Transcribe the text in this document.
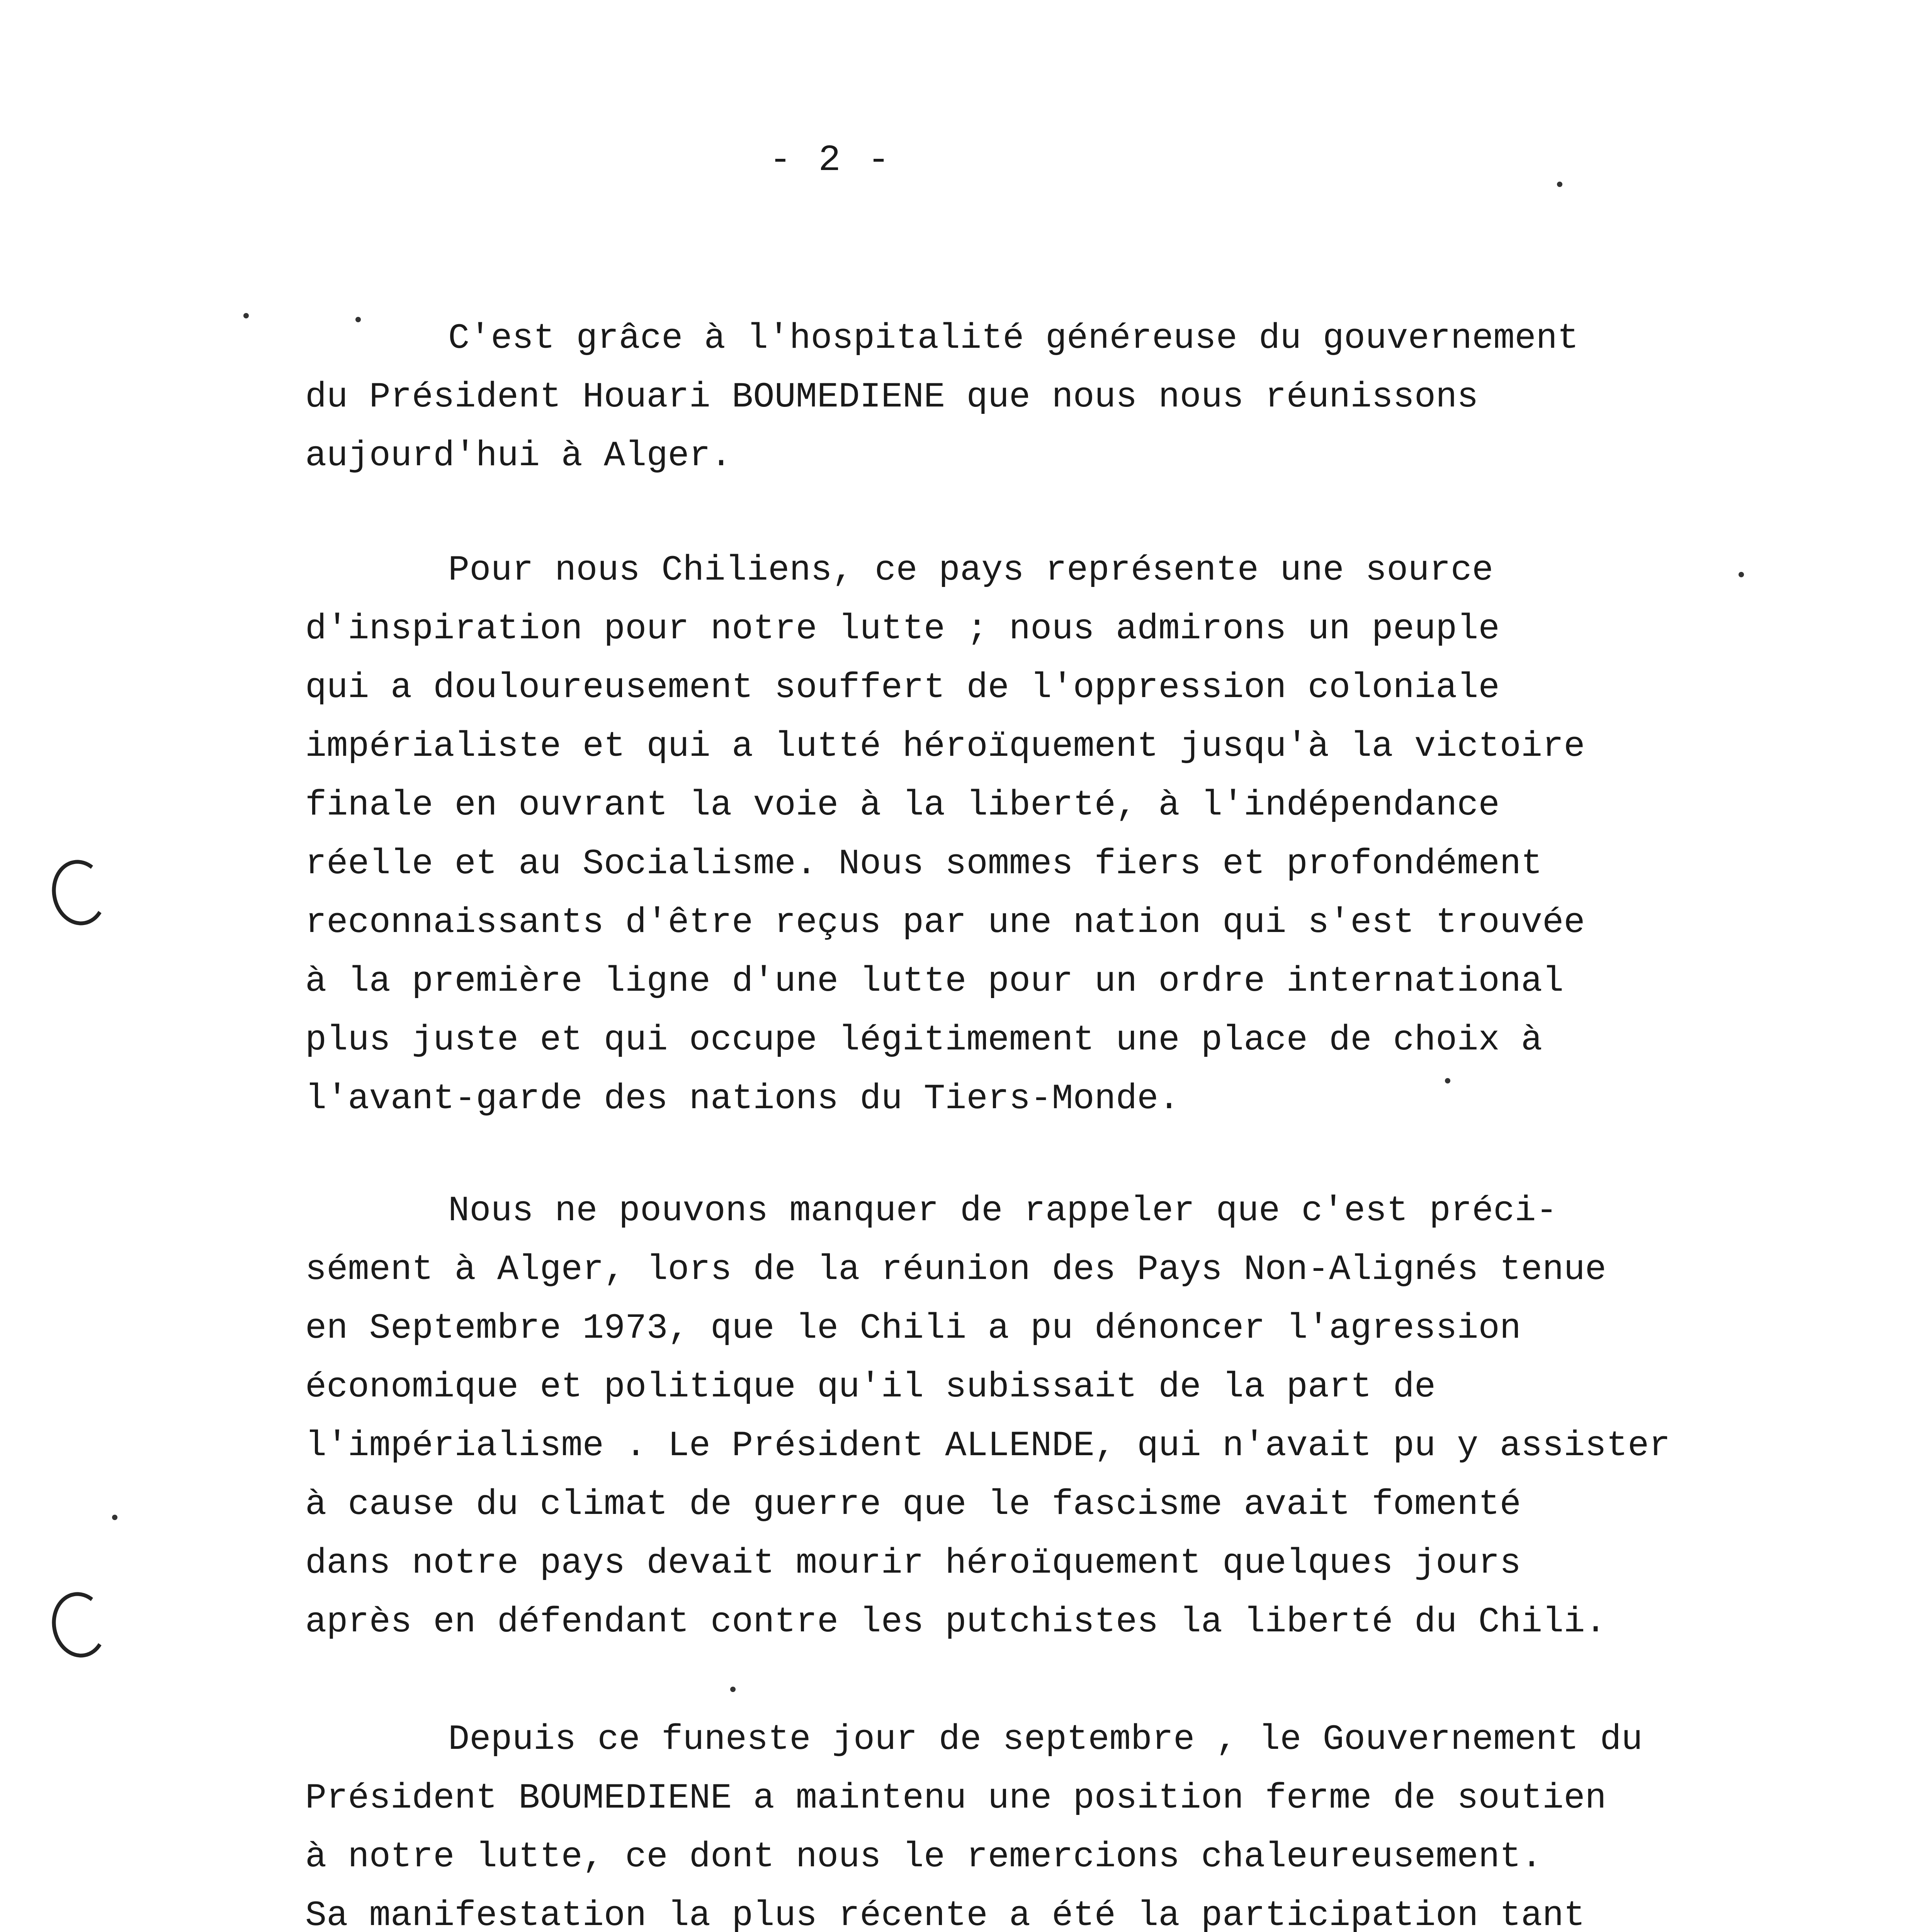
- 2 -
C'est grâce à l'hospitalité généreuse du gouvernement
du Président Houari BOUMEDIENE que nous nous réunissons
aujourd'hui à Alger.
Pour nous Chiliens, ce pays représente une source
d'inspiration pour notre lutte ; nous admirons un peuple
qui a douloureusement souffert de l'oppression coloniale
impérialiste et qui a lutté héroïquement jusqu'à la victoire
finale en ouvrant la voie à la liberté, à l'indépendance
réelle et au Socialisme. Nous sommes fiers et profondément
reconnaissants d'être reçus par une nation qui s'est trouvée
à la première ligne d'une lutte pour un ordre international
plus juste et qui occupe légitimement une place de choix à
l'avant-garde des nations du Tiers-Monde.
Nous ne pouvons manquer de rappeler que c'est préci-
sément à Alger, lors de la réunion des Pays Non-Alignés tenue
en Septembre 1973, que le Chili a pu dénoncer l'agression
économique et politique qu'il subissait de la part de
l'impérialisme . Le Président ALLENDE, qui n'avait pu y assister
à cause du climat de guerre que le fascisme avait fomenté
dans notre pays devait mourir héroïquement quelques jours
après en défendant contre les putchistes la liberté du Chili.
Depuis ce funeste jour de septembre , le Gouvernement du
Président BOUMEDIENE a maintenu une position ferme de soutien
à notre lutte, ce dont nous le remercions chaleureusement.
Sa manifestation la plus récente a été la participation tant
